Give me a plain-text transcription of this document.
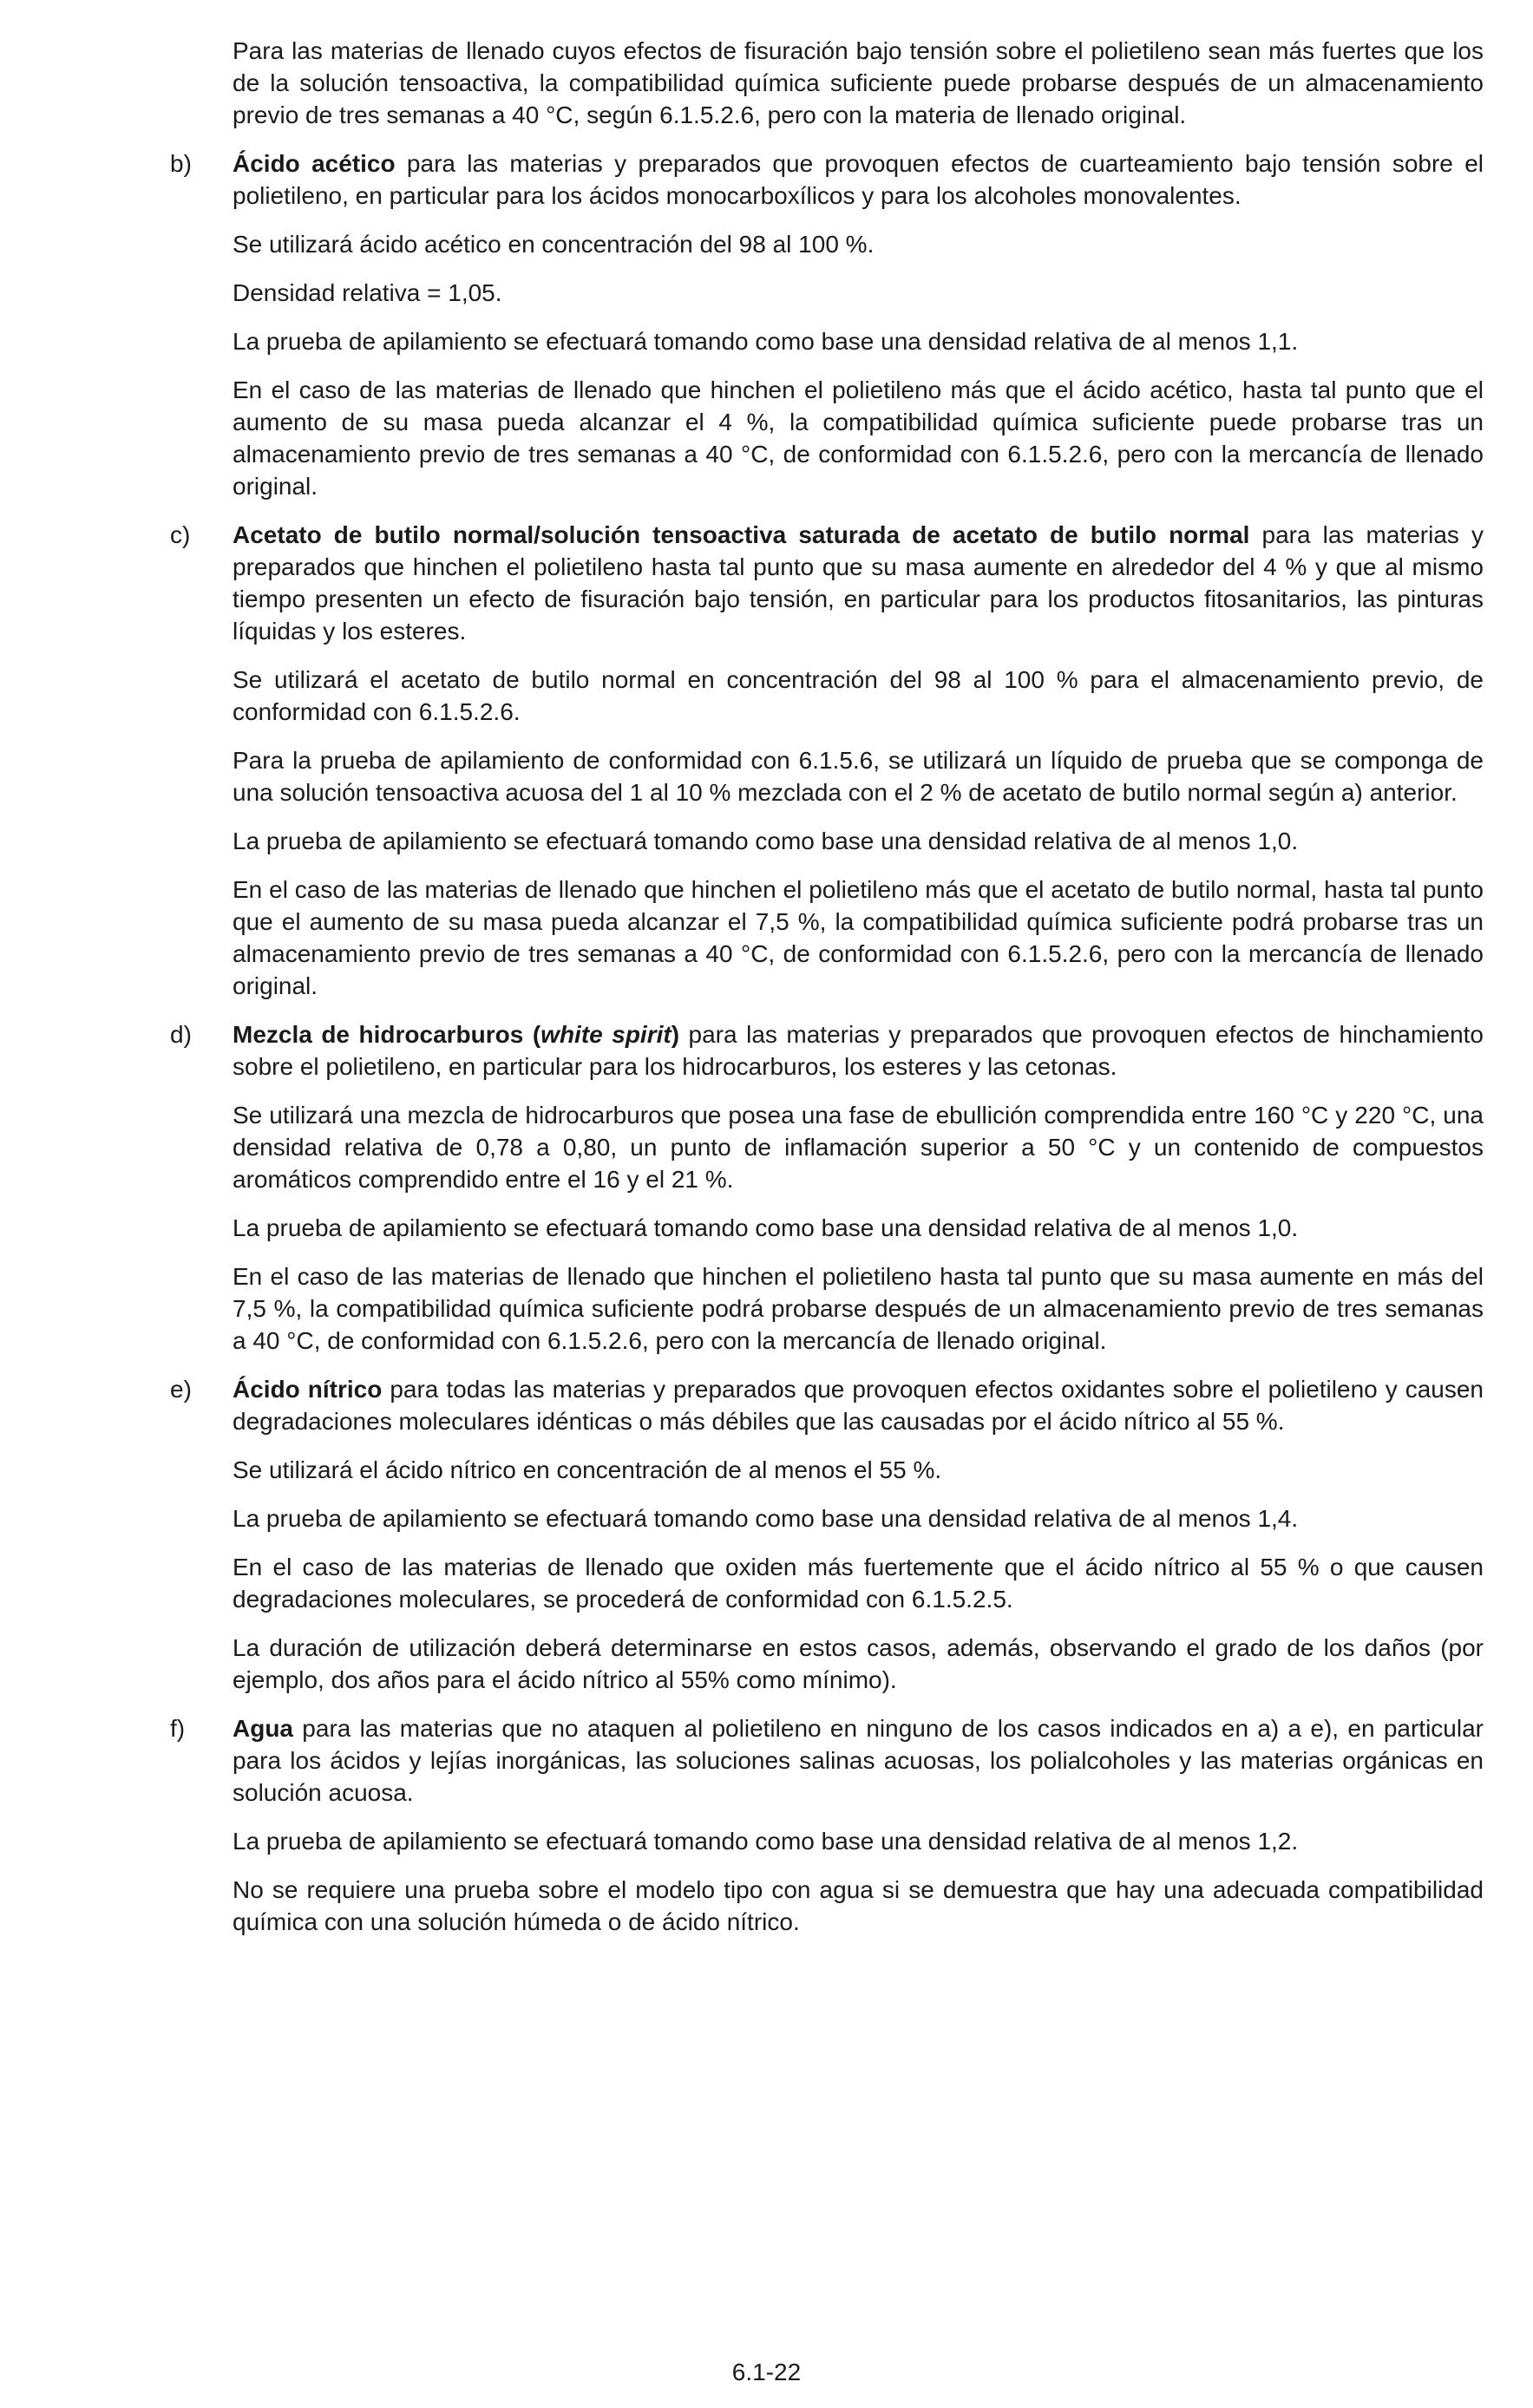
Para las materias de llenado cuyos efectos de fisuración bajo tensión sobre el polietileno sean más fuertes que los de la solución tensoactiva, la compatibilidad química suficiente puede probarse después de un almacenamiento previo de tres semanas a 40 °C, según 6.1.5.2.6, pero con la materia de llenado original.

b)	Ácido acético para las materias y preparados que provoquen efectos de cuarteamiento bajo tensión sobre el polietileno, en particular para los ácidos monocarboxílicos y para los alcoholes monovalentes.

Se utilizará ácido acético en concentración del 98 al 100 %.

Densidad relativa = 1,05.

La prueba de apilamiento se efectuará tomando como base una densidad relativa de al menos 1,1.

En el caso de las materias de llenado que hinchen el polietileno más que el ácido acético, hasta tal punto que el aumento de su masa pueda alcanzar el 4 %, la compatibilidad química suficiente puede probarse tras un almacenamiento previo de tres semanas a 40 °C, de conformidad con 6.1.5.2.6, pero con la mercancía de llenado original.

c)	Acetato de butilo normal/solución tensoactiva saturada de acetato de butilo normal para las materias y preparados que hinchen el polietileno hasta tal punto que su masa aumente en alrededor del 4 % y que al mismo tiempo presenten un efecto de fisuración bajo tensión, en particular para los productos fitosanitarios, las pinturas líquidas y los esteres.

Se utilizará el acetato de butilo normal en concentración del 98 al 100 % para el almacenamiento previo, de conformidad con 6.1.5.2.6.

Para la prueba de apilamiento de conformidad con 6.1.5.6, se utilizará un líquido de prueba que se componga de una solución tensoactiva acuosa del 1 al 10 % mezclada con el 2 % de acetato de butilo normal según a) anterior.

La prueba de apilamiento se efectuará tomando como base una densidad relativa de al menos 1,0.

En el caso de las materias de llenado que hinchen el polietileno más que el acetato de butilo normal, hasta tal punto que el aumento de su masa pueda alcanzar el 7,5 %, la compatibilidad química suficiente podrá probarse tras un almacenamiento previo de tres semanas a 40 °C, de conformidad con 6.1.5.2.6, pero con la mercancía de llenado original.

d)	Mezcla de hidrocarburos (white spirit) para las materias y preparados que provoquen efectos de hinchamiento sobre el polietileno, en particular para los hidrocarburos, los esteres y las cetonas.

Se utilizará una mezcla de hidrocarburos que posea una fase de ebullición comprendida entre 160 °C y 220 °C, una densidad relativa de 0,78 a 0,80, un punto de inflamación superior a 50 °C y un contenido de compuestos aromáticos comprendido entre el 16 y el 21 %.

La prueba de apilamiento se efectuará tomando como base una densidad relativa de al menos 1,0.

En el caso de las materias de llenado que hinchen el polietileno hasta tal punto que su masa aumente en más del 7,5 %, la compatibilidad química suficiente podrá probarse después de un almacenamiento previo de tres semanas a 40 °C, de conformidad con 6.1.5.2.6, pero con la mercancía de llenado original.

e)	Ácido nítrico para todas las materias y preparados que provoquen efectos oxidantes sobre el polietileno y causen degradaciones moleculares idénticas o más débiles que las causadas por el ácido nítrico al 55 %.

Se utilizará el ácido nítrico en concentración de al menos el 55 %.

La prueba de apilamiento se efectuará tomando como base una densidad relativa de al menos 1,4.

En el caso de las materias de llenado que oxiden más fuertemente que el ácido nítrico al 55 % o que causen degradaciones moleculares, se procederá de conformidad con 6.1.5.2.5.

La duración de utilización deberá determinarse en estos casos, además, observando el grado de los daños (por ejemplo, dos años para el ácido nítrico al 55% como mínimo).

f)	Agua para las materias que no ataquen al polietileno en ninguno de los casos indicados en a) a e), en particular para los ácidos y lejías inorgánicas, las soluciones salinas acuosas, los polialcoholes y las materias orgánicas en solución acuosa.

La prueba de apilamiento se efectuará tomando como base una densidad relativa de al menos 1,2.

No se requiere una prueba sobre el modelo tipo con agua si se demuestra que hay una adecuada compatibilidad química con una solución húmeda o de ácido nítrico.

6.1-22
